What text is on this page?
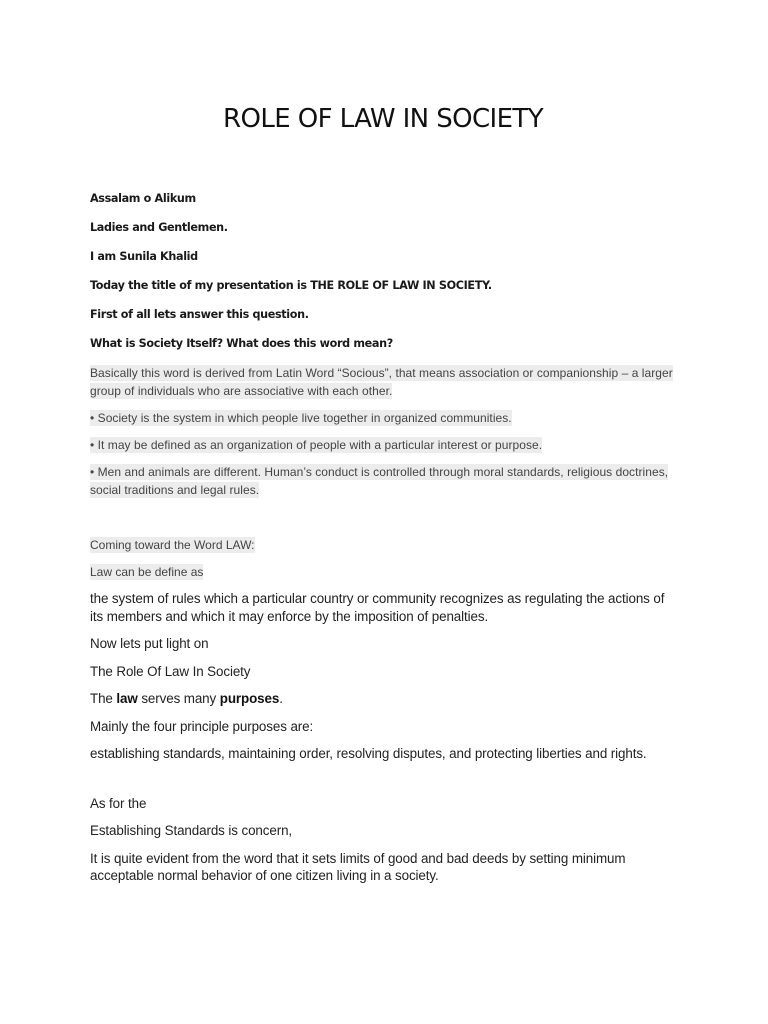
ROLE OF LAW IN SOCIETY

Assalam o Alikum

Ladies and Gentlemen.

I am Sunila Khalid

Today the title of my presentation is THE ROLE OF LAW IN SOCIETY.

First of all lets answer this question.

What is Society Itself? What does this word mean?

Basically this word is derived from Latin Word “Socious”, that means association or companionship – a larger group of individuals who are associative with each other.

• Society is the system in which people live together in organized communities.

• It may be defined as an organization of people with a particular interest or purpose.

• Men and animals are different. Human’s conduct is controlled through moral standards, religious doctrines, social traditions and legal rules.

Coming toward the Word LAW:

Law can be define as

the system of rules which a particular country or community recognizes as regulating the actions of its members and which it may enforce by the imposition of penalties.

Now lets put light on

The Role Of Law In Society

The law serves many purposes.

Mainly the four principle purposes are:

establishing standards, maintaining order, resolving disputes, and protecting liberties and rights.

As for the

Establishing Standards is concern,

It is quite evident from the word that it sets limits of good and bad deeds by setting minimum acceptable normal behavior of one citizen living in a society.
